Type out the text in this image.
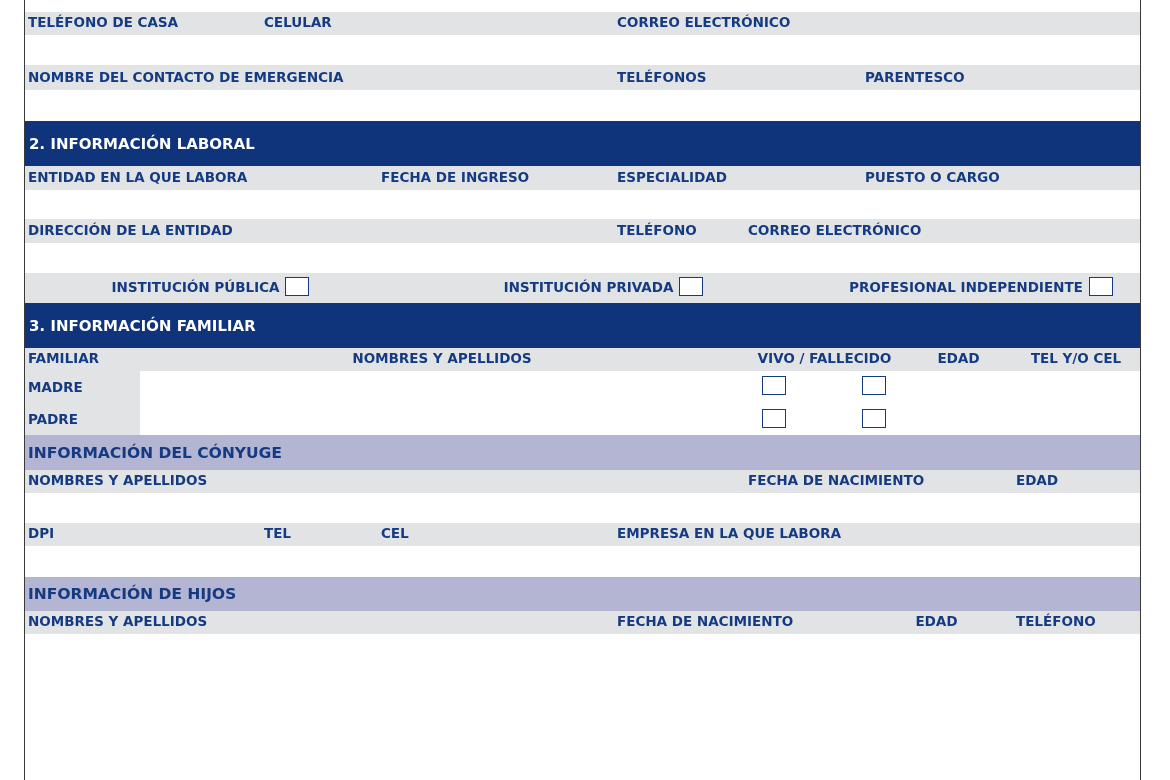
TELÉFONO DE CASA	CELULAR	CORREO ELECTRÓNICO
NOMBRE DEL CONTACTO DE EMERGENCIA	TELÉFONOS	PARENTESCO
2. INFORMACIÓN LABORAL
ENTIDAD EN LA QUE LABORA	FECHA DE INGRESO	ESPECIALIDAD	PUESTO O CARGO
DIRECCIÓN DE LA ENTIDAD	TELÉFONO	CORREO ELECTRÓNICO
INSTITUCIÓN PÚBLICA	INSTITUCIÓN PRIVADA	PROFESIONAL INDEPENDIENTE
3. INFORMACIÓN FAMILIAR
FAMILIAR	NOMBRES Y APELLIDOS	VIVO / FALLECIDO	EDAD	TEL Y/O CEL
MADRE
PADRE
INFORMACIÓN DEL CÓNYUGE
NOMBRES Y APELLIDOS	FECHA DE NACIMIENTO	EDAD
DPI	TEL	CEL	EMPRESA EN LA QUE LABORA
INFORMACIÓN DE HIJOS
NOMBRES Y APELLIDOS	FECHA DE NACIMIENTO	EDAD	TELÉFONO
